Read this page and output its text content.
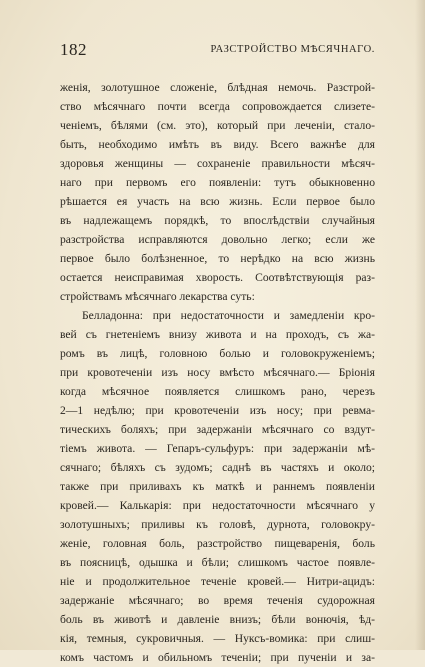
182	РАЗСТРОЙСТВО МѢСЯЧНАГО.
женія, золотушное сложеніе, блѣдная немочь. Разстрой-
ство мѣсячнаго почти всегда сопровождается слизете-
ченіемъ, бѣлями (см. это), который при леченіи, стало-
быть, необходимо имѣть въ виду. Всего важнѣе для
здоровья женщины — сохраненіе правильности мѣсяч-
наго при первомъ его появленіи: тутъ обыкновенно
рѣшается ея участь на всю жизнь. Если первое было
въ надлежащемъ порядкѣ, то впослѣдствіи случайныя
разстройства исправляются довольно легко; если же
первое было болѣзненное, то нерѣдко на всю жизнь
остается неисправимая хворость. Соотвѣтствующія раз-
стройствамъ мѣсячнаго лекарства суть:
Белладонна: при недостаточности и замедленіи кро-
вей съ гнетеніемъ внизу живота и на проходъ, съ жа-
ромъ въ лицѣ, головною болью и головокруженіемъ;
при кровотеченіи изъ носу вмѣсто мѣсячнаго.— Бріонія
когда мѣсячное появляется слишкомъ рано, черезъ
2—1 недѣлю; при кровотеченіи изъ носу; при ревма-
тическихъ боляхъ; при задержаніи мѣсячнаго со вздут-
тіемъ живота. — Гепаръ-сульфуръ: при задержаніи мѣ-
сячнаго; бѣляхъ съ зудомъ; саднѣ въ частяхъ и около;
также при приливахъ къ маткѣ и раннемъ появленіи
кровей.— Калькарія: при недостаточности мѣсячнаго у
золотушныхъ; приливы къ головѣ, дурнота, головокру-
женіе, головная боль, разстройство пищеваренія, боль
въ поясницѣ, одышка и бѣли; слишкомъ частое появле-
ніе и продолжительное теченіе кровей.— Нитри-ацидъ:
задержаніе мѣсячнаго; во время теченія судорожная
боль въ животѣ и давленіе внизъ; бѣли вонючія, ѣд-
кія, темныя, сукровичныя. — Нуксъ-вомика: при слиш-
комъ частомъ и обильномъ теченіи; при пученіи и за-
